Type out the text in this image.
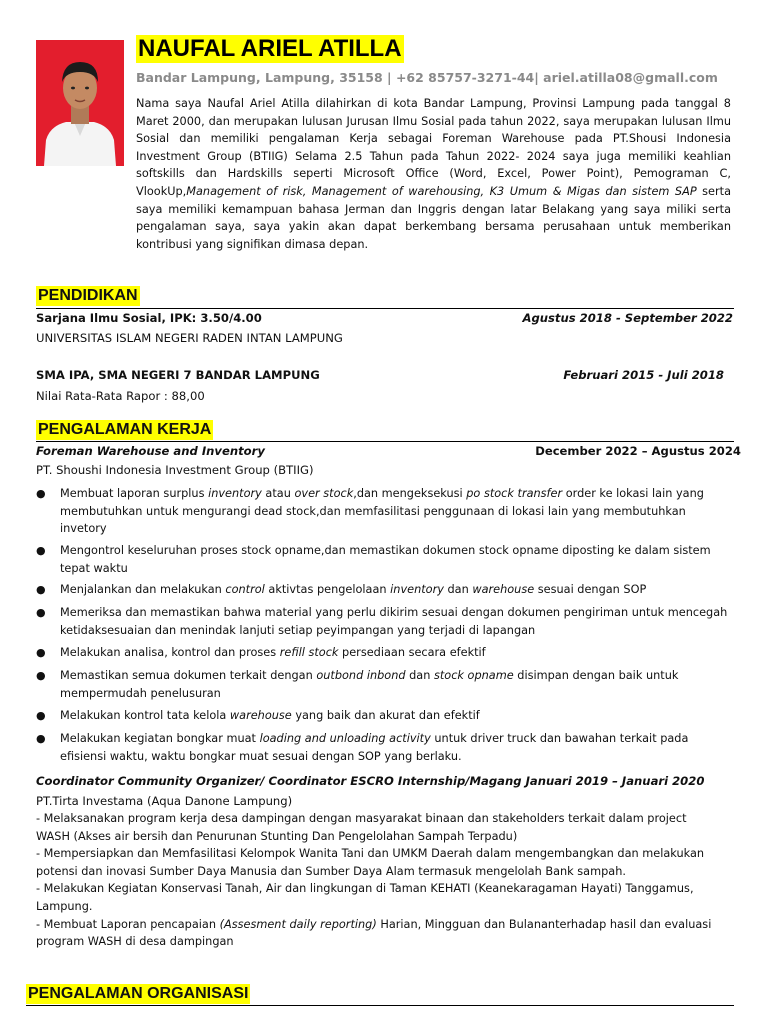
NAUFAL ARIEL ATILLA
Bandar Lampung, Lampung, 35158 | +62 85757-3271-44| ariel.atilla08@gmall.com
Nama saya Naufal Ariel Atilla dilahirkan di kota Bandar Lampung, Provinsi Lampung pada tanggal 8 Maret 2000, dan merupakan lulusan Jurusan Ilmu Sosial pada tahun 2022, saya merupakan lulusan Ilmu Sosial dan memiliki pengalaman Kerja sebagai Foreman Warehouse pada PT.Shousi Indonesia Investment Group (BTIIG) Selama 2.5 Tahun pada Tahun 2022- 2024 saya juga memiliki keahlian softskills dan Hardskills seperti Microsoft Office (Word, Excel, Power Point), Pemograman C, VlookUp,Management of risk, Management of warehousing, K3 Umum & Migas dan sistem SAP serta saya memiliki kemampuan bahasa Jerman dan Inggris dengan latar Belakang yang saya miliki serta pengalaman saya, saya yakin akan dapat berkembang bersama perusahaan untuk memberikan kontribusi yang signifikan dimasa depan.
PENDIDIKAN
Sarjana Ilmu Sosial, IPK: 3.50/4.00	Agustus 2018 - September 2022
UNIVERSITAS ISLAM NEGERI RADEN INTAN LAMPUNG
SMA IPA, SMA NEGERI 7 BANDAR LAMPUNG	Februari 2015 - Juli 2018
Nilai Rata-Rata Rapor : 88,00
PENGALAMAN KERJA
Foreman Warehouse and Inventory	December 2022 – Agustus 2024
PT. Shoushi Indonesia Investment Group (BTIIG)
● Membuat laporan surplus inventory atau over stock,dan mengeksekusi po stock transfer order ke lokasi lain yang membutuhkan untuk mengurangi dead stock,dan memfasilitasi penggunaan di lokasi lain yang membutuhkan invetory
● Mengontrol keseluruhan proses stock opname,dan memastikan dokumen stock opname diposting ke dalam sistem tepat waktu
● Menjalankan dan melakukan control aktivtas pengelolaan inventory dan warehouse sesuai dengan SOP
● Memeriksa dan memastikan bahwa material yang perlu dikirim sesuai dengan dokumen pengiriman untuk mencegah ketidaksesuaian dan menindak lanjuti setiap peyimpangan yang terjadi di lapangan
● Melakukan analisa, kontrol dan proses refill stock persediaan secara efektif
● Memastikan semua dokumen terkait dengan outbond inbond dan stock opname disimpan dengan baik untuk mempermudah penelusuran
● Melakukan kontrol tata kelola warehouse yang baik dan akurat dan efektif
● Melakukan kegiatan bongkar muat loading and unloading activity untuk driver truck dan bawahan terkait pada efisiensi waktu, waktu bongkar muat sesuai dengan SOP yang berlaku.
Coordinator Community Organizer/ Coordinator ESCRO Internship/Magang Januari 2019 – Januari 2020
PT.Tirta Investama (Aqua Danone Lampung)
- Melaksanakan program kerja desa dampingan dengan masyarakat binaan dan stakeholders terkait dalam project WASH (Akses air bersih dan Penurunan Stunting Dan Pengelolahan Sampah Terpadu)
- Mempersiapkan dan Memfasilitasi Kelompok Wanita Tani dan UMKM Daerah dalam mengembangkan dan melakukan potensi dan inovasi Sumber Daya Manusia dan Sumber Daya Alam termasuk mengelolah Bank sampah.
- Melakukan Kegiatan Konservasi Tanah, Air dan lingkungan di Taman KEHATI (Keanekaragaman Hayati) Tanggamus, Lampung.
- Membuat Laporan pencapaian (Assesment daily reporting) Harian, Mingguan dan Bulananterhadap hasil dan evaluasi program WASH di desa dampingan
PENGALAMAN ORGANISASI
